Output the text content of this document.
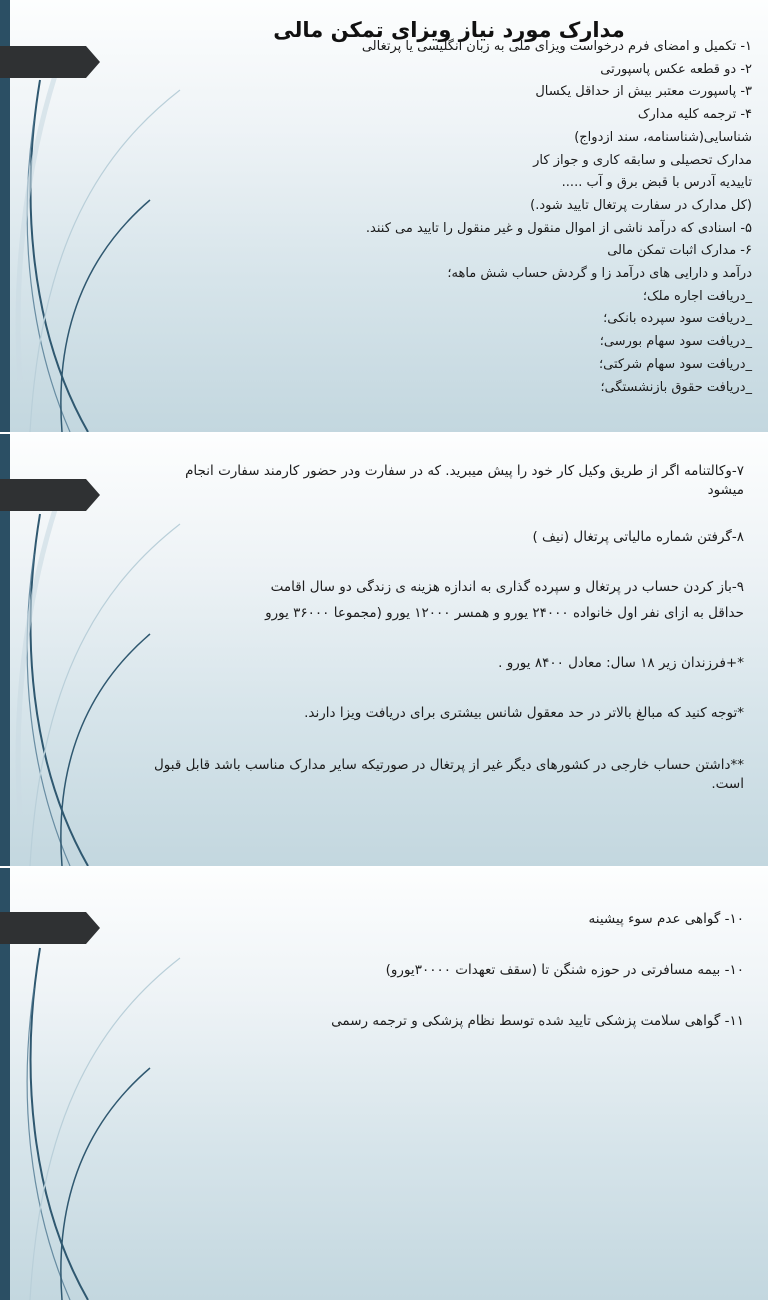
مدارک مورد نیاز ویزای تمکن مالی
۱- تکمیل و امضای فرم درخواست ویزای ملی به زبان انگلیسی یا پرتغالی
۲- دو قطعه عکس پاسپورتی
۳- پاسپورت معتبر بیش از حداقل یکسال
۴- ترجمه کلیه مدارک
شناسایی(شناسنامه، سند ازدواج)
مدارک تحصیلی و سابقه کاری و جواز کار
تاییدیه آدرس با قبض برق و آب .....
(کل مدارک در سفارت پرتغال تایید شود.)
۵- اسنادی که درآمد ناشی از اموال منقول و غیر منقول را تایید می کنند.
۶- مدارک اثبات تمکن مالی
درآمد و دارایی های درآمد زا و گردش حساب شش ماهه؛
_دریافت اجاره ملک؛
_دریافت سود سپرده بانکی؛
_دریافت سود سهام بورسی؛
_دریافت سود سهام شرکتی؛
_دریافت حقوق بازنشستگی؛

۷-وکالتنامه اگر از طریق وکیل کار خود را پیش میبرید. که در سفارت ودر حضور کارمند سفارت انجام میشود

۸-گرفتن شماره مالیاتی پرتغال (نیف )

۹-باز کردن حساب در پرتغال و سپرده گذاری به اندازه هزینه ی زندگی دو سال اقامت

حداقل به ازای نفر اول خانواده ۲۴۰۰۰ یورو و همسر ۱۲۰۰۰ یورو (مجموعا ۳۶۰۰۰ یورو

*+فرزندان زیر ۱۸ سال: معادل ۸۴۰۰ یورو .

*توجه کنید که مبالغ بالاتر در حد معقول شانس بیشتری برای دریافت ویزا دارند.

**داشتن حساب خارجی در کشورهای دیگر غیر از پرتغال در صورتیکه سایر مدارک مناسب باشد قابل قبول است.

۱۰- گواهی عدم سوء پیشینه

۱۰- بیمه مسافرتی در حوزه شنگن تا (سقف تعهدات ۳۰۰۰۰یورو)

۱۱- گواهی سلامت پزشکی تایید شده توسط نظام پزشکی و ترجمه رسمی
